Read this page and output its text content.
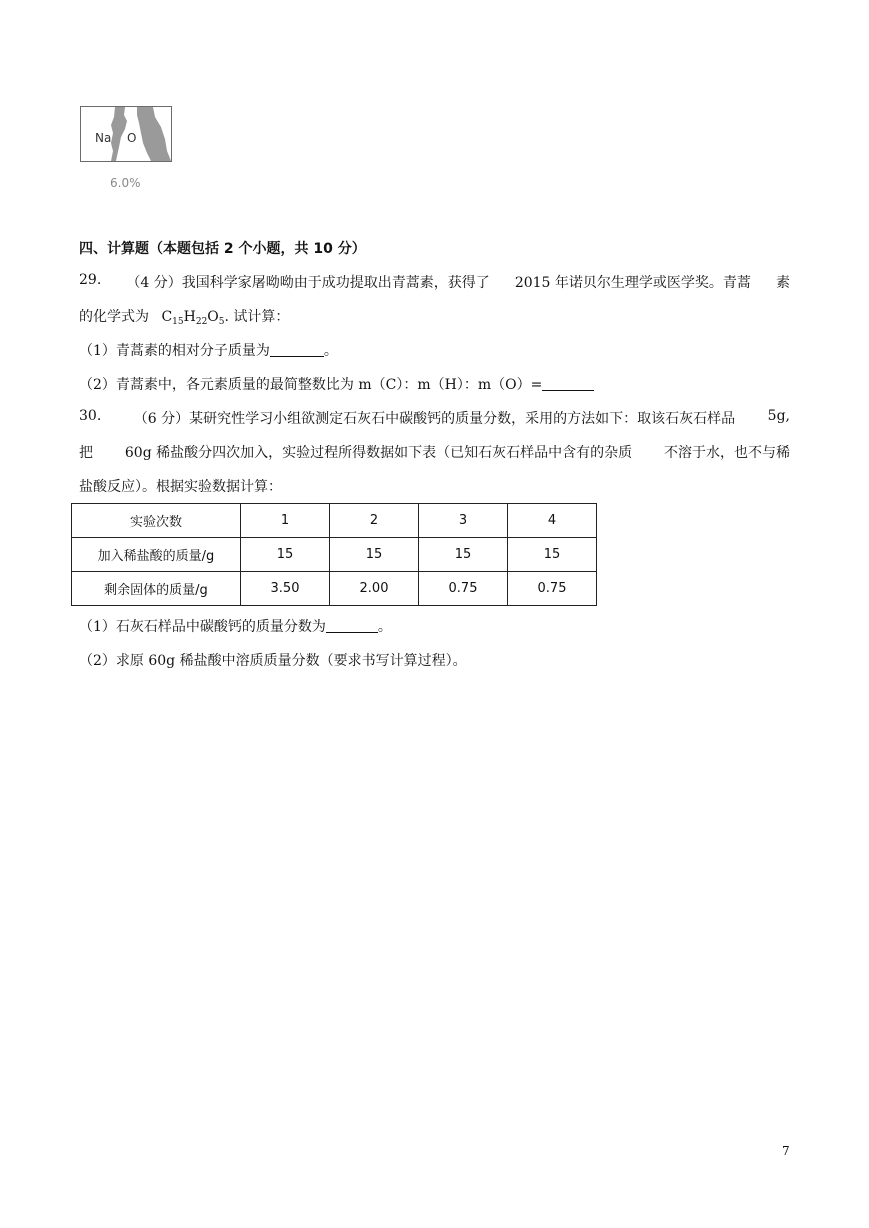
Na O
6.0%
四、计算题（本题包括 2 个小题，共 10 分）
29. （4 分）我国科学家屠呦呦由于成功提取出青蒿素，获得了 2015 年诺贝尔生理学或医学奖。青蒿 素
的化学式为 $C_{15}H_{22}O_5$. 试计算：
（1）青蒿素的相对分子质量为	。
（2）青蒿素中，各元素质量的最简整数比为 m（C）：m（H）：m（O）=
30. （6 分）某研究性学习小组欲测定石灰石中碳酸钙的质量分数，采用的方法如下：取该石灰石样品 5g,
把 60g 稀盐酸分四次加入，实验过程所得数据如下表（已知石灰石样品中含有的杂质 不溶于水，也不与稀
盐酸反应）。根据实验数据计算：
实验次数	1	2	3	4
加入稀盐酸的质量/g	15	15	15	15
剩余固体的质量/g	3.50	2.00	0.75	0.75
（1）石灰石样品中碳酸钙的质量分数为	。
（2）求原 60g 稀盐酸中溶质质量分数（要求书写计算过程）。
7
